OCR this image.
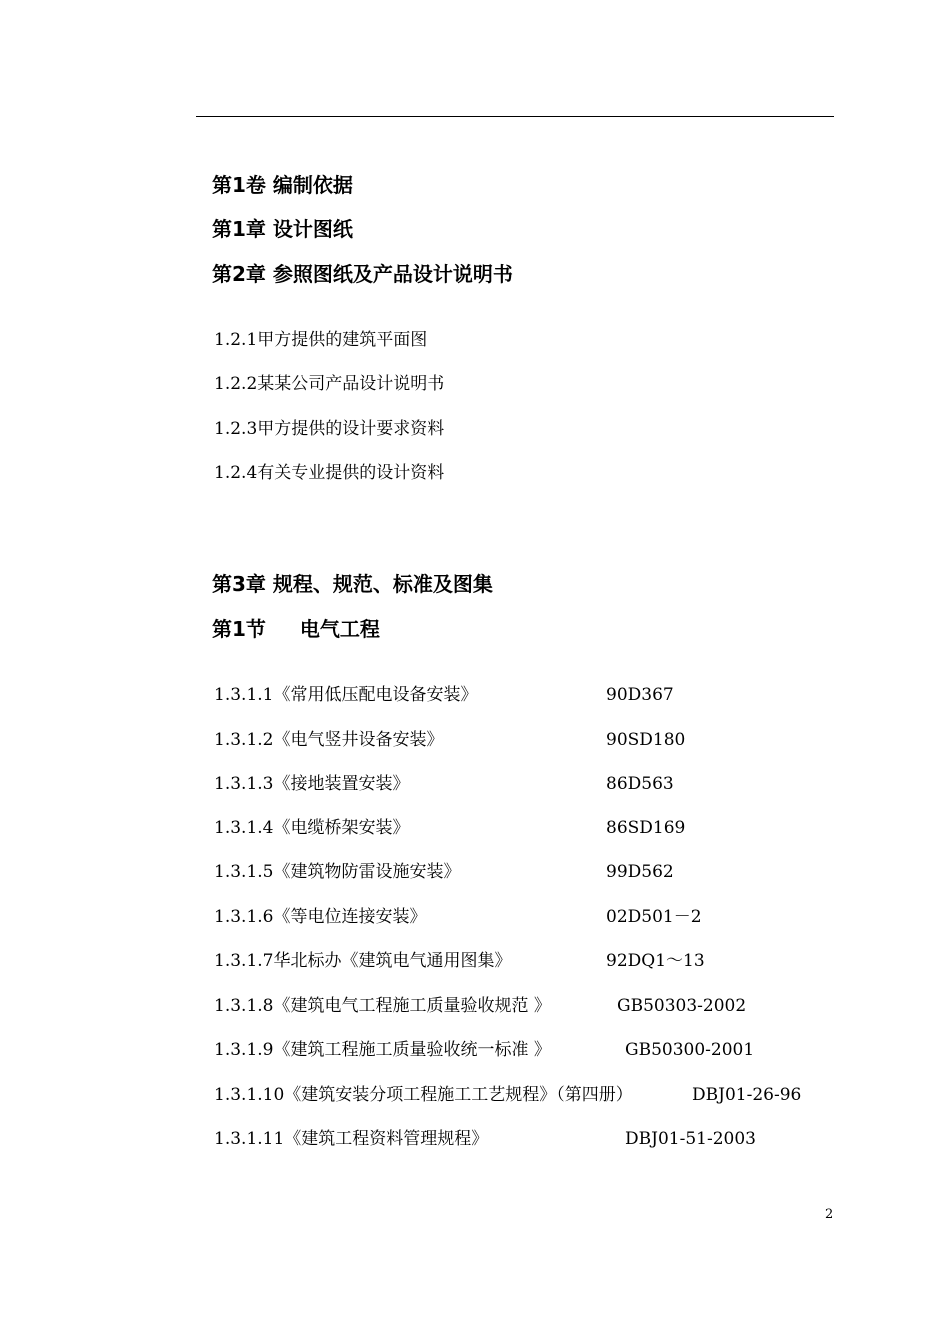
第1卷 编制依据
第1章 设计图纸
第2章 参照图纸及产品设计说明书
1.2.1甲方提供的建筑平面图
1.2.2某某公司产品设计说明书
1.2.3甲方提供的设计要求资料
1.2.4有关专业提供的设计资料
第3章 规程、规范、标准及图集
第1节 电气工程
1.3.1.1《常用低压配电设备安装》	90D367
1.3.1.2《电气竖井设备安装》	90SD180
1.3.1.3《接地装置安装》	86D563
1.3.1.4《电缆桥架安装》	86SD169
1.3.1.5《建筑物防雷设施安装》	99D562
1.3.1.6《等电位连接安装》	02D501－2
1.3.1.7华北标办《建筑电气通用图集》	92DQ1～13
1.3.1.8《建筑电气工程施工质量验收规范 》	GB50303-2002
1.3.1.9《建筑工程施工质量验收统一标准 》	GB50300-2001
1.3.1.10《建筑安装分项工程施工工艺规程》（第四册）	DBJ01-26-96
1.3.1.11《建筑工程资料管理规程》	DBJ01-51-2003
2
